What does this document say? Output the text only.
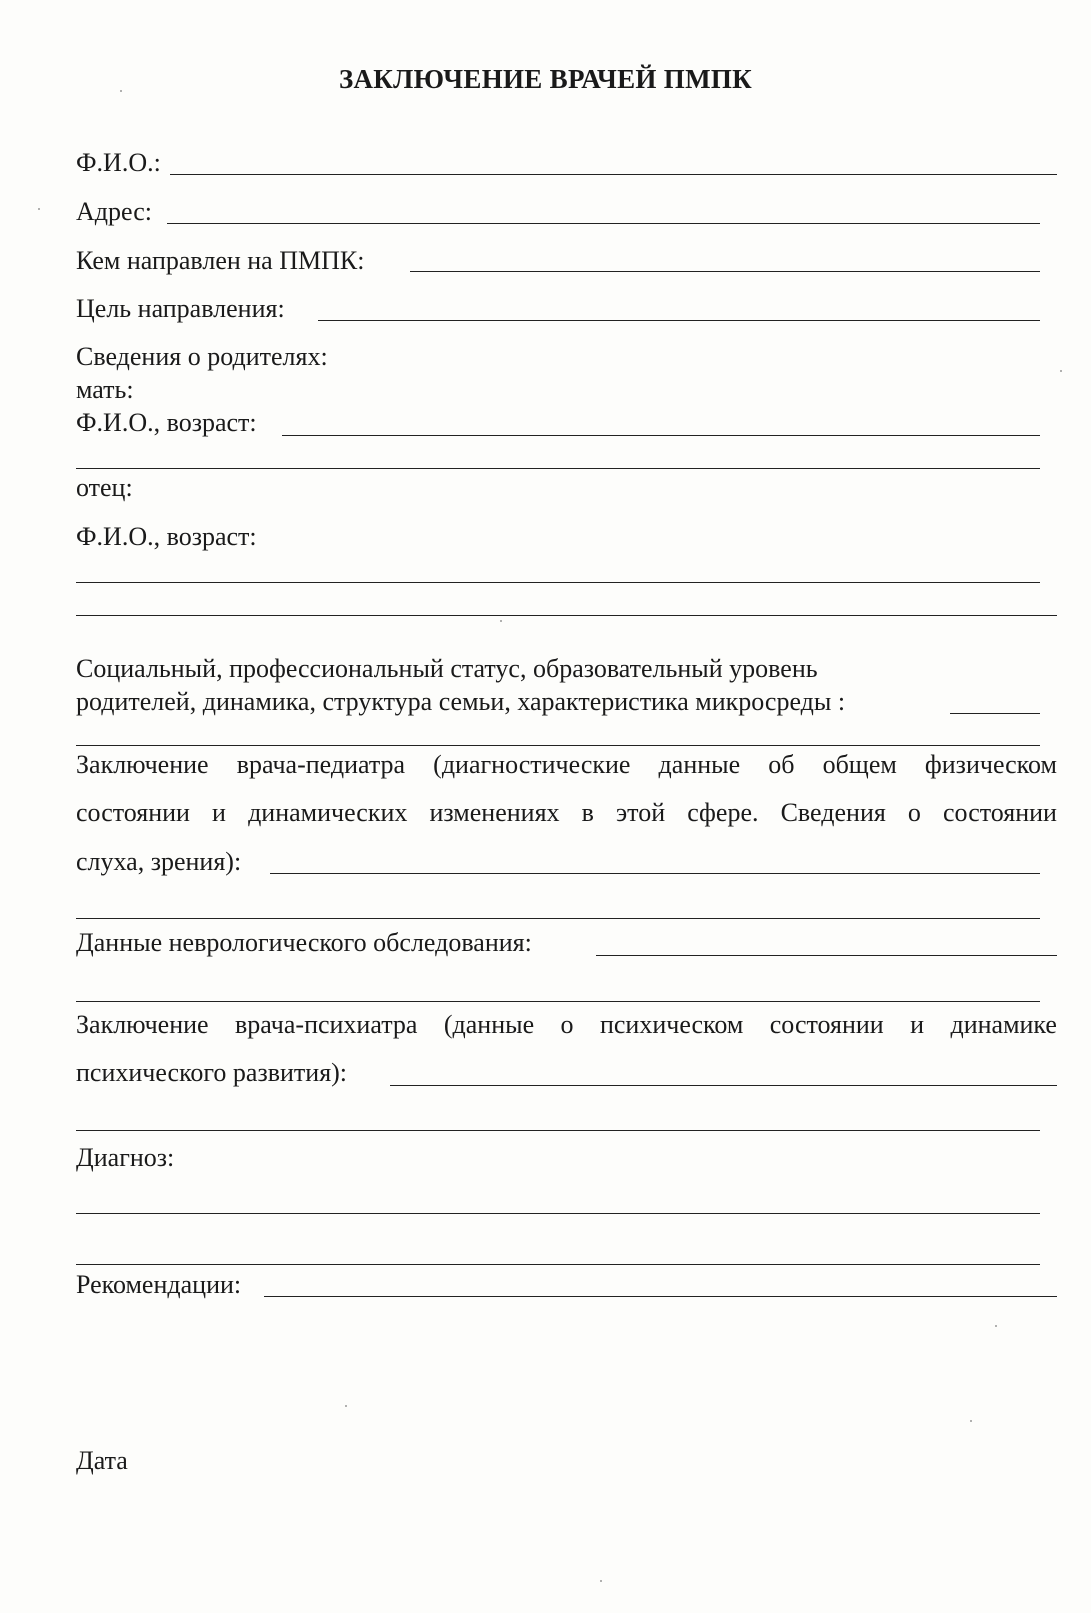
ЗАКЛЮЧЕНИЕ ВРАЧЕЙ ПМПК
Ф.И.О.:
Адрес:
Кем направлен на ПМПК:
Цель направления:
Сведения о родителях:
мать:
Ф.И.О., возраст:
отец:
Ф.И.О., возраст:
Социальный, профессиональный статус, образовательный уровень
родителей, динамика, структура семьи, характеристика микросреды :
Заключение врача-педиатра (диагностические данные об общем физическом
состоянии и динамических изменениях в этой сфере. Сведения о состоянии
слуха, зрения):
Данные неврологического обследования:
Заключение врача-психиатра (данные о психическом состоянии и динамике
психического развития):
Диагноз:
Рекомендации:
Дата
